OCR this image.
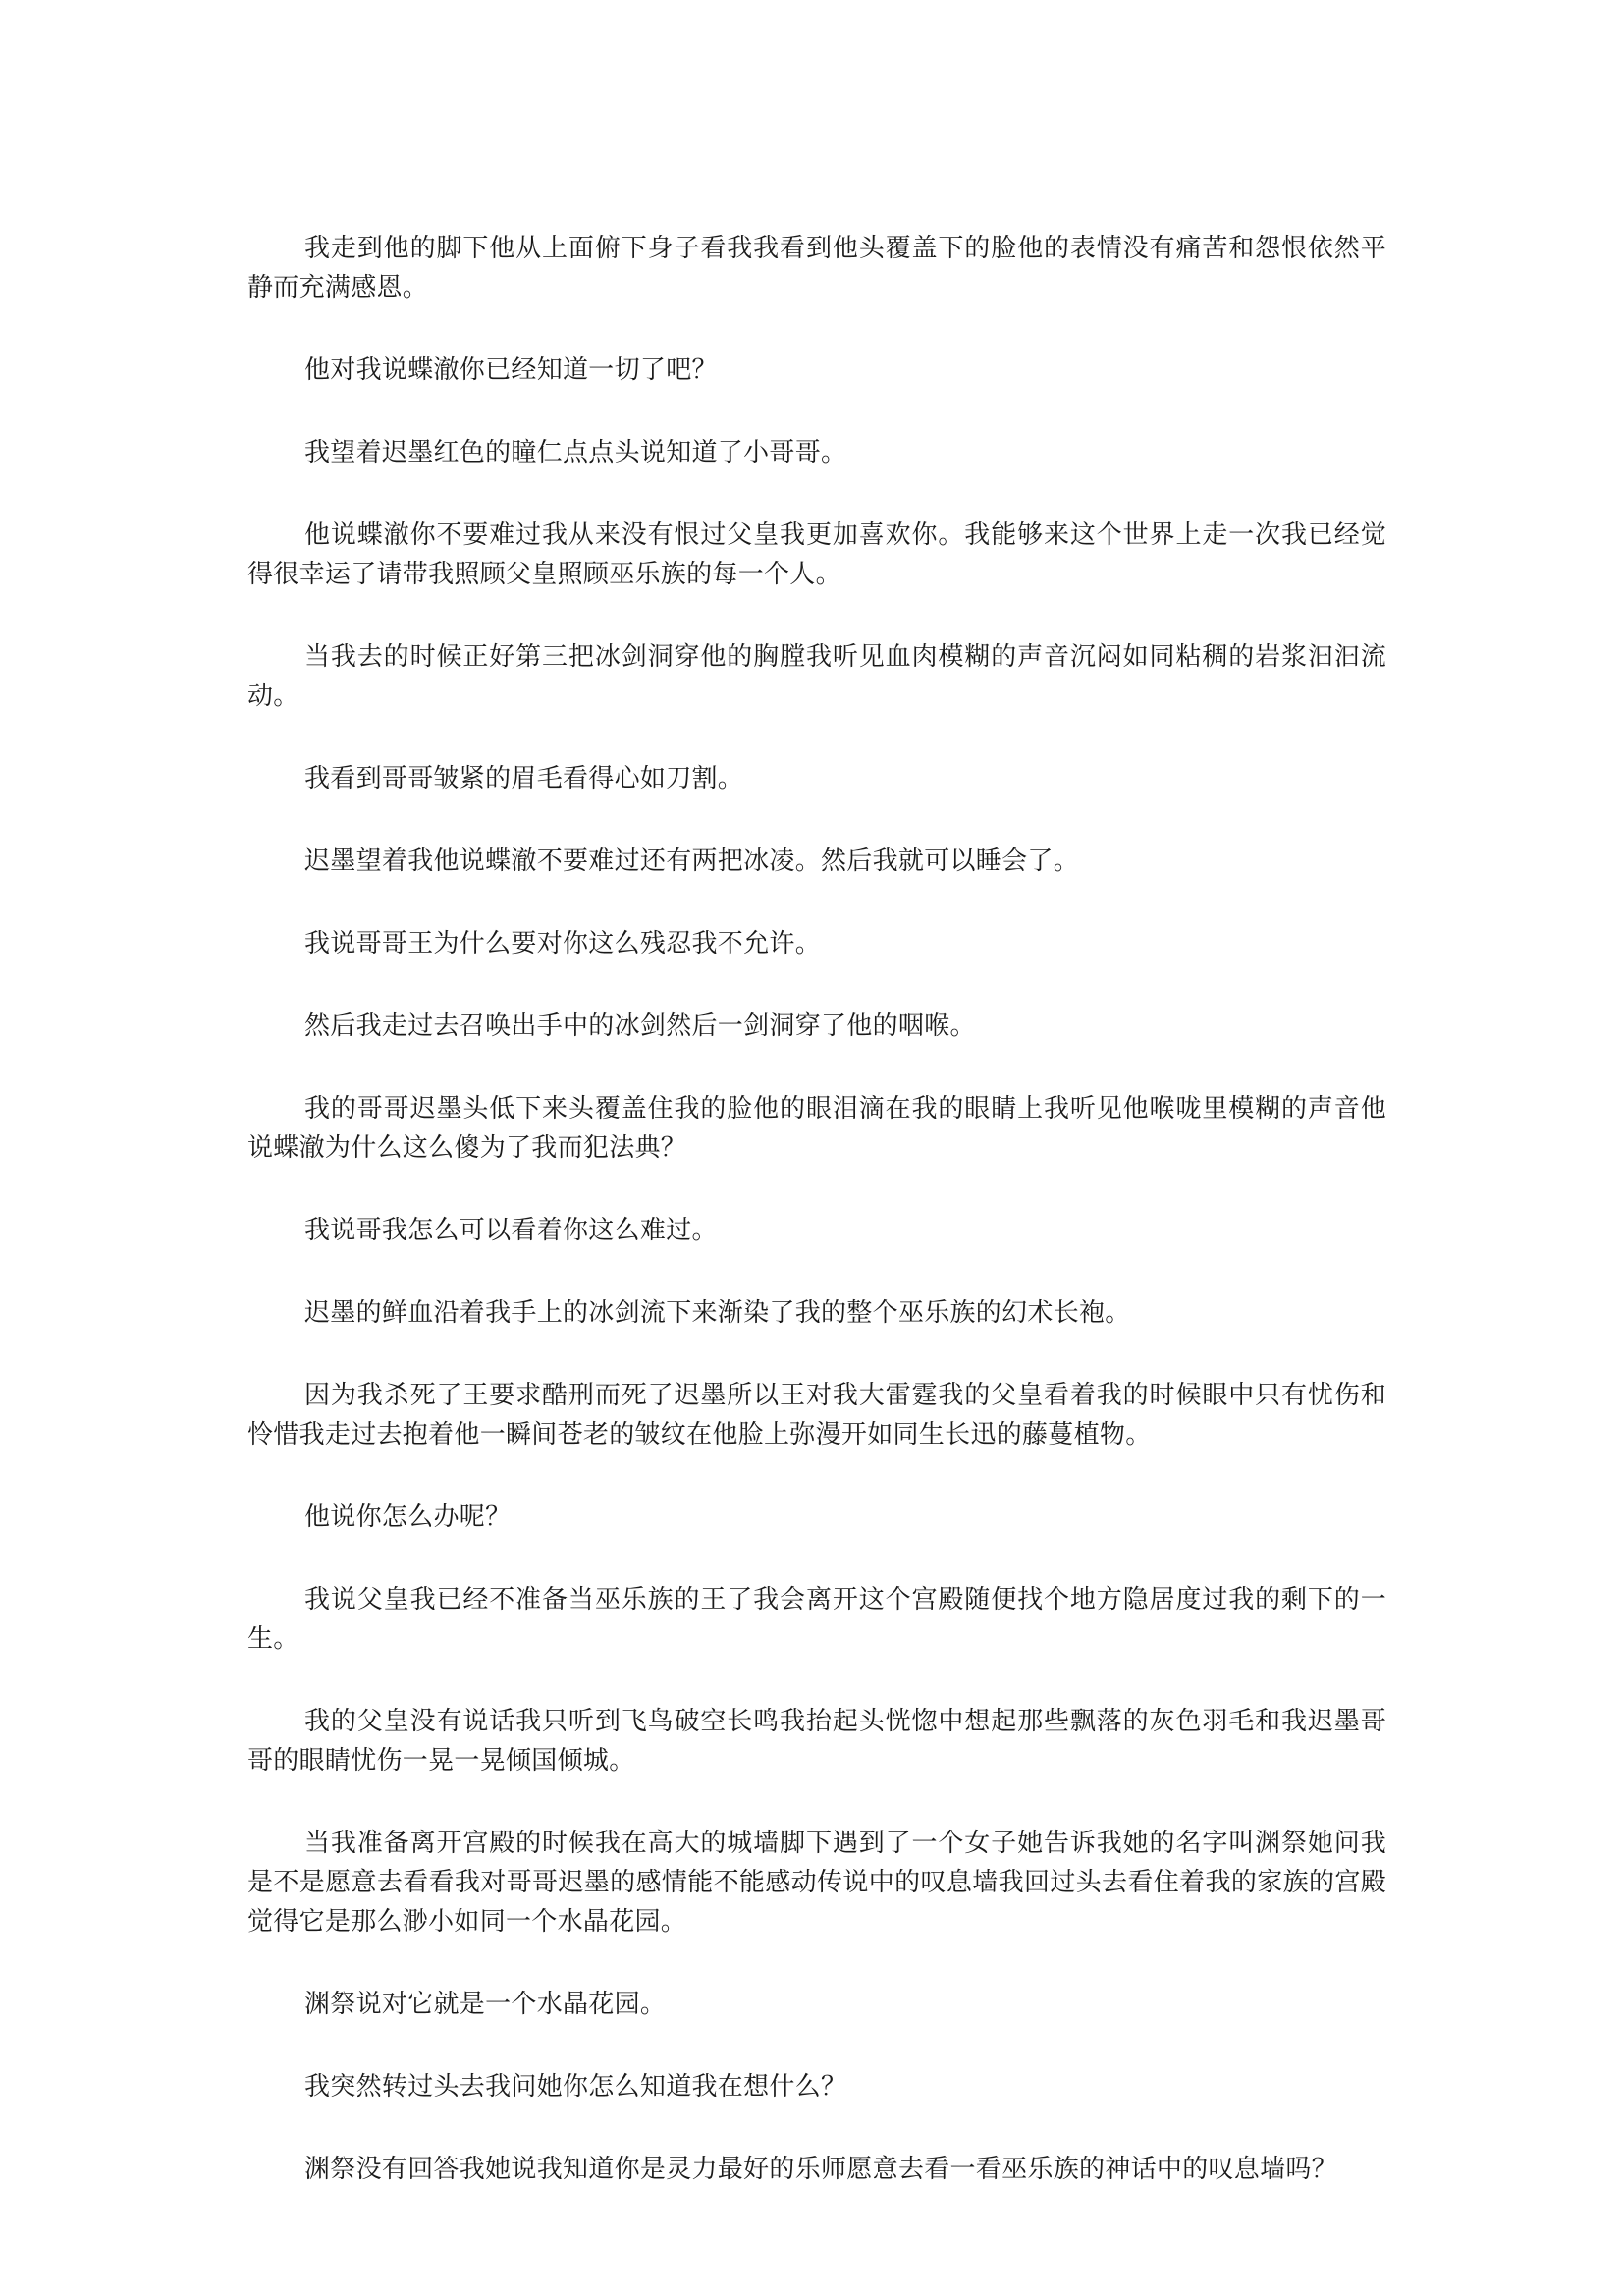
我走到他的脚下他从上面俯下身子看我我看到他头覆盖下的脸他的表情没有痛苦和怨恨依然平静而充满感恩。

他对我说蝶澈你已经知道一切了吧？

我望着迟墨红色的瞳仁点点头说知道了小哥哥。

他说蝶澈你不要难过我从来没有恨过父皇我更加喜欢你。我能够来这个世界上走一次我已经觉得很幸运了请带我照顾父皇照顾巫乐族的每一个人。

当我去的时候正好第三把冰剑洞穿他的胸膛我听见血肉模糊的声音沉闷如同粘稠的岩浆汩汩流动。

我看到哥哥皱紧的眉毛看得心如刀割。

迟墨望着我他说蝶澈不要难过还有两把冰凌。然后我就可以睡会了。

我说哥哥王为什么要对你这么残忍我不允许。

然后我走过去召唤出手中的冰剑然后一剑洞穿了他的咽喉。

我的哥哥迟墨头低下来头覆盖住我的脸他的眼泪滴在我的眼睛上我听见他喉咙里模糊的声音他说蝶澈为什么这么傻为了我而犯法典？

我说哥我怎么可以看着你这么难过。

迟墨的鲜血沿着我手上的冰剑流下来渐染了我的整个巫乐族的幻术长袍。

因为我杀死了王要求酷刑而死了迟墨所以王对我大雷霆我的父皇看着我的时候眼中只有忧伤和怜惜我走过去抱着他一瞬间苍老的皱纹在他脸上弥漫开如同生长迅的藤蔓植物。

他说你怎么办呢？

我说父皇我已经不准备当巫乐族的王了我会离开这个宫殿随便找个地方隐居度过我的剩下的一生。

我的父皇没有说话我只听到飞鸟破空长鸣我抬起头恍惚中想起那些飘落的灰色羽毛和我迟墨哥哥的眼睛忧伤一晃一晃倾国倾城。

当我准备离开宫殿的时候我在高大的城墙脚下遇到了一个女子她告诉我她的名字叫渊祭她问我是不是愿意去看看我对哥哥迟墨的感情能不能感动传说中的叹息墙我回过头去看住着我的家族的宫殿觉得它是那么渺小如同一个水晶花园。

渊祭说对它就是一个水晶花园。

我突然转过头去我问她你怎么知道我在想什么？

渊祭没有回答我她说我知道你是灵力最好的乐师愿意去看一看巫乐族的神话中的叹息墙吗？
